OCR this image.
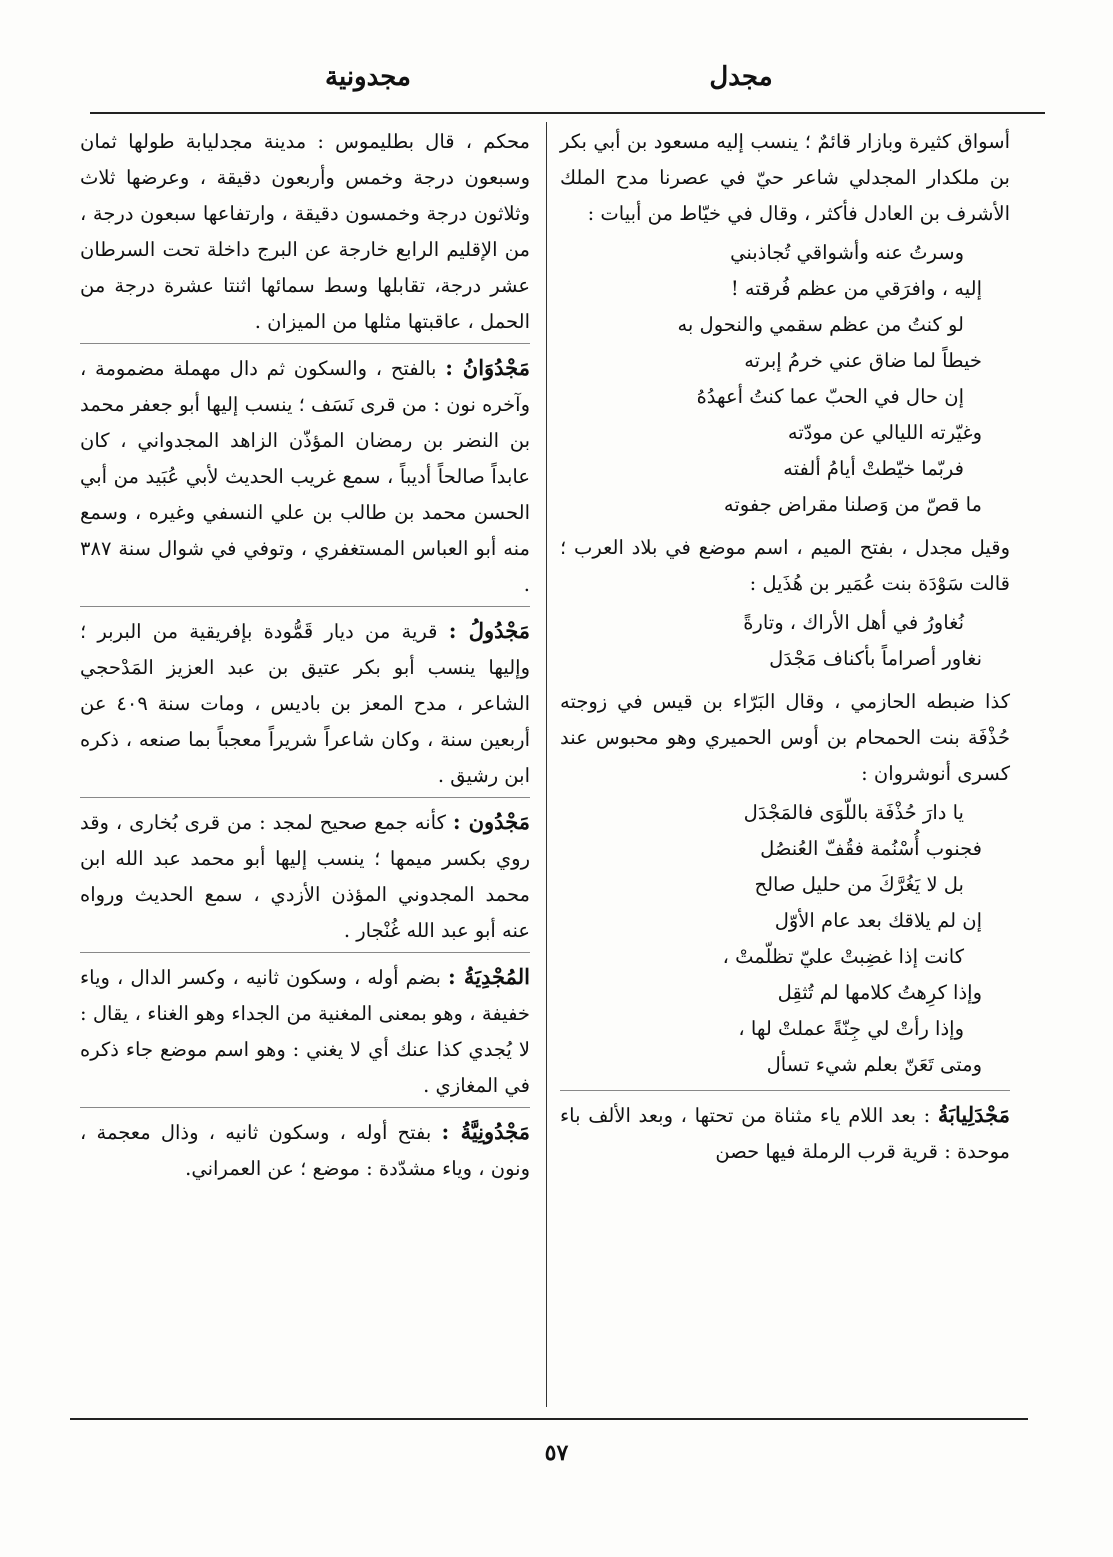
مجدل
مجدونية

أسواق كثيرة وبازار قائمٌ ؛ ينسب إليه مسعود بن أبي بكر بن ملكدار المجدلي شاعر حيّ في عصرنا مدح الملك الأشرف بن العادل فأكثر ، وقال في خيّاط من أبيات :

وسرتُ عنه وأشواقي تُجاذبني
إليه ، وافرَقي من عظم فُرقته !
لو كنتُ من عظم سقمي والنحول به
خيطاً لما ضاق عني خرمُ إبرته
إن حال في الحبّ عما كنتُ أعهدُهُ
وغيّرته الليالي عن مودّته
فربّما خيّطتْ أيامُ ألفته
ما قصّ من وَصلنا مقراض جفوته

وقيل مجدل ، بفتح الميم ، اسم موضع في بلاد العرب ؛ قالت سَوْدَة بنت عُمَير بن هُذَيل :

نُغاورُ في أهل الأراك ، وتارةً
نغاور أصراماً بأكناف مَجْدَل

كذا ضبطه الحازمي ، وقال البَرّاء بن قيس في زوجته حُذْفَة بنت الحمحام بن أوس الحميري وهو محبوس عند كسرى أنوشروان :

يا دارَ حُذْفَة باللّوَى فالمَجْدَل
فجنوب أُسْنُمة فقُفّ العُنصُل
بل لا يَغُرَّكَ من حليل صالح
إن لم يلاقك بعد عام الأوّل
كانت إذا غضِبتْ عليّ تظلّمتْ ،
وإذا كرِهتُ كلامها لم تُثقِل
وإذا رأتْ لي جِنّةً عملتْ لها ،
ومتى تَعَنّ بعلم شيء تسأل

مَجْدَلِيابَةُ : بعد اللام ياء مثناة من تحتها ، وبعد الألف باء موحدة : قرية قرب الرملة فيها حصن

محكم ، قال بطليموس : مدينة مجدليابة طولها ثمان وسبعون درجة وخمس وأربعون دقيقة ، وعرضها ثلاث وثلاثون درجة وخمسون دقيقة ، وارتفاعها سبعون درجة ، من الإقليم الرابع خارجة عن البرج داخلة تحت السرطان عشر درجة، تقابلها وسط سمائها اثنتا عشرة درجة من الحمل ، عاقبتها مثلها من الميزان .

مَجْدُوَانُ : بالفتح ، والسكون ثم دال مهملة مضمومة ، وآخره نون : من قرى نَسَف ؛ ينسب إليها أبو جعفر محمد بن النضر بن رمضان المؤذّن الزاهد المجدواني ، كان عابداً صالحاً أديباً ، سمع غريب الحديث لأبي عُبَيد من أبي الحسن محمد بن طالب بن علي النسفي وغيره ، وسمع منه أبو العباس المستغفري ، وتوفي في شوال سنة ٣٨٧ .

مَجْدُولُ : قرية من ديار قَمُّودة بإفريقية من البربر ؛ وإليها ينسب أبو بكر عتيق بن عبد العزيز المَدْحجي الشاعر ، مدح المعز بن باديس ، ومات سنة ٤٠٩ عن أربعين سنة ، وكان شاعراً شريراً معجباً بما صنعه ، ذكره ابن رشيق .

مَجْدُون : كأنه جمع صحيح لمجد : من قرى بُخارى ، وقد روي بكسر ميمها ؛ ينسب إليها أبو محمد عبد الله ابن محمد المجدوني المؤذن الأزدي ، سمع الحديث ورواه عنه أبو عبد الله غُنْجار .

المُجْدِيَةُ : بضم أوله ، وسكون ثانيه ، وكسر الدال ، وياء خفيفة ، وهو بمعنى المغنية من الجداء وهو الغناء ، يقال : لا يُجدي كذا عنك أي لا يغني : وهو اسم موضع جاء ذكره في المغازي .

مَجْدُونِيَّةُ : بفتح أوله ، وسكون ثانيه ، وذال معجمة ، ونون ، وياء مشدّدة : موضع ؛ عن العمراني.

٥٧
